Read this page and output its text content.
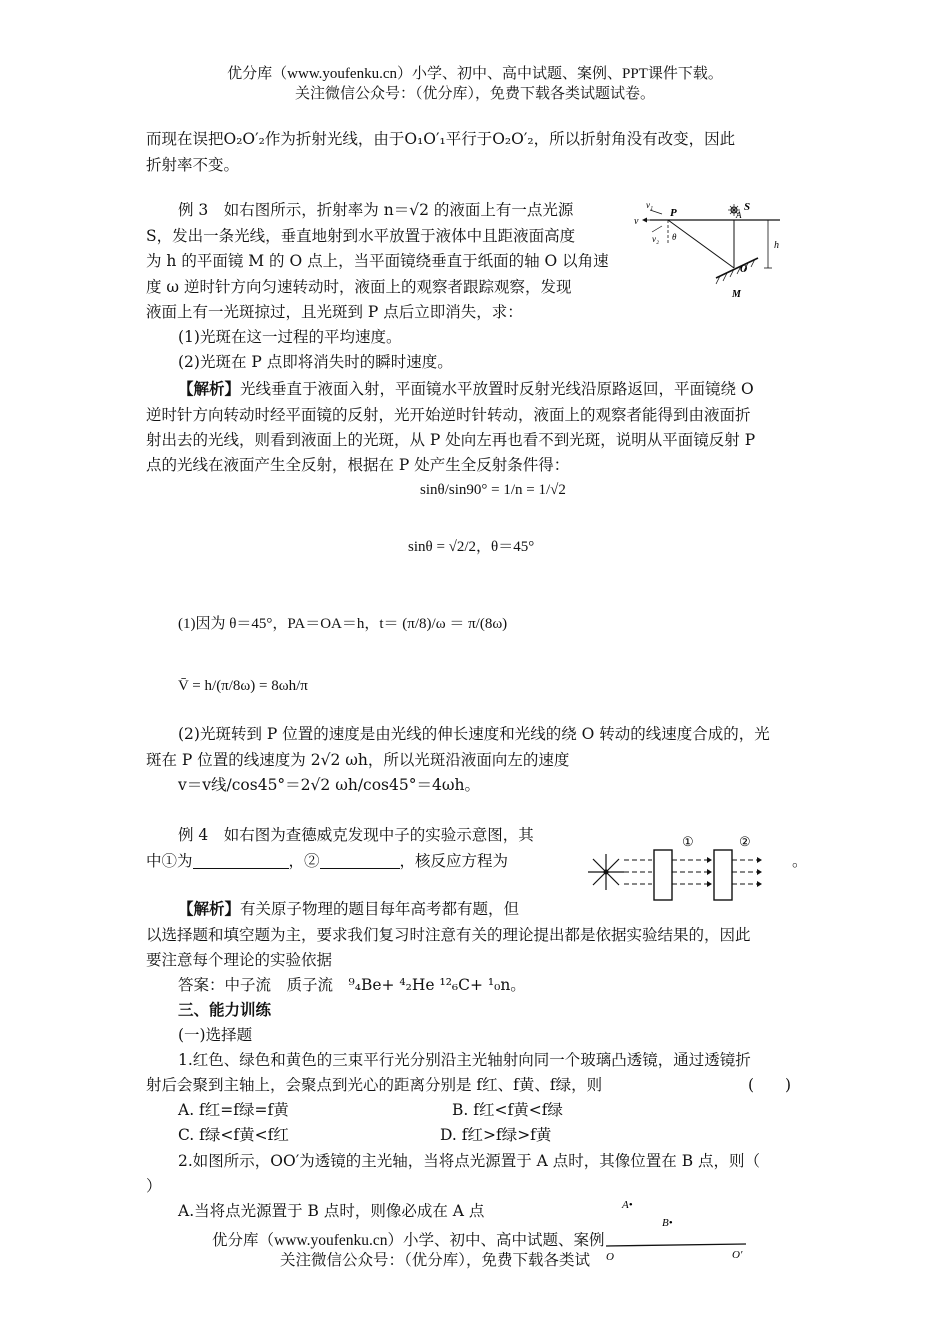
优分库（www.youfenku.cn）小学、初中、高中试题、案例、PPT课件下载。
关注微信公众号：（优分库），免费下载各类试题试卷。
而现在误把O₂O′₂作为折射光线，由于O₁O′₁平行于O₂O′₂，所以折射角没有改变，因此
折射率不变。
例 3　如右图所示，折射率为 n＝√2 的液面上有一点光源
S，发出一条光线，垂直地射到水平放置于液体中且距液面高度
为 h 的平面镜 M 的 O 点上，当平面镜绕垂直于纸面的轴 O 以角速
度 ω 逆时针方向匀速转动时，液面上的观察者跟踪观察，发现
液面上有一光斑掠过，且光斑到 P 点后立即消失，求：
(1)光斑在这一过程的平均速度。
(2)光斑在 P 点即将消失时的瞬时速度。
v₁
v
v₂
P
θ
S
A
h
O
M
【解析】光线垂直于液面入射，平面镜水平放置时反射光线沿原路返回，平面镜绕 O
逆时针方向转动时经平面镜的反射，光开始逆时针转动，液面上的观察者能得到由液面折
射出去的光线，则看到液面上的光斑，从 P 处向左再也看不到光斑，说明从平面镜反射 P
点的光线在液面产生全反射，根据在 P 处产生全反射条件得：
sinθ/sin90° = 1/n = 1/√2
sinθ = √2/2，θ＝45°
(1)因为 θ＝45°，PA＝OA＝h，t＝ (π/8)/ω ＝ π/(8ω)
V̄ = h/(π/8ω) = 8ωh/π
(2)光斑转到 P 位置的速度是由光线的伸长速度和光线的绕 O 转动的线速度合成的，光
斑在 P 位置的线速度为 2√2 ωh，所以光斑沿液面向左的速度
v＝v线/cos45°＝2√2 ωh/cos45°＝4ωh。
例 4　如右图为查德威克发现中子的实验示意图，其
中①为	，②	，核反应方程为	。
①	②
【解析】有关原子物理的题目每年高考都有题，但
以选择题和填空题为主，要求我们复习时注意有关的理论提出都是依据实验结果的，因此
要注意每个理论的实验依据
答案：中子流　质子流　 ⁹₄Be+ ⁴₂He ¹²₆C+ ¹₀n。
三、能力训练
(一)选择题
1.红色、绿色和黄色的三束平行光分别沿主光轴射向同一个玻璃凸透镜，通过透镜折
射后会聚到主轴上，会聚点到光心的距离分别是 f红、f黄、f绿，则	(　　)
A. f红=f绿=f黄	B. f红<f黄<f绿
C. f绿<f黄<f红	D. f红>f绿>f黄
2.如图所示，OO′为透镜的主光轴，当将点光源置于 A 点时，其像位置在 B 点，则（
）
A.当将点光源置于 B 点时，则像必成在 A 点	A•
B•
O	O′
优分库（www.youfenku.cn）小学、初中、高中试题、案例
关注微信公众号：（优分库），免费下载各类试
